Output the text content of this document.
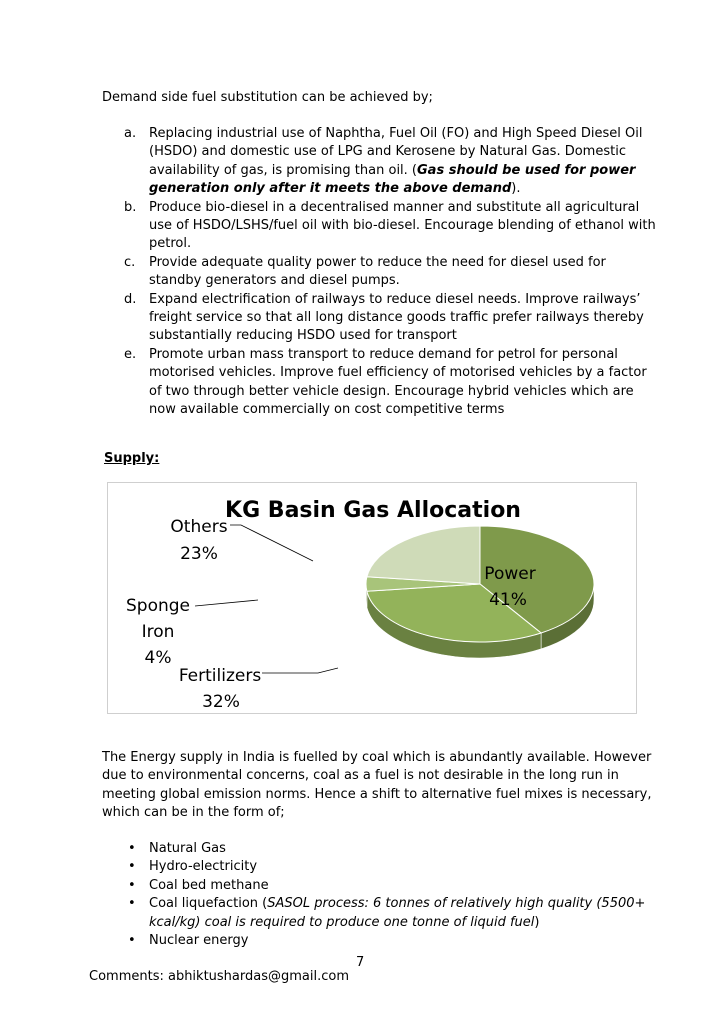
Demand side fuel substitution can be achieved by;
a. Replacing industrial use of Naphtha, Fuel Oil (FO) and High Speed Diesel Oil (HSDO) and domestic use of LPG and Kerosene by Natural Gas. Domestic availability of gas, is promising than oil. (Gas should be used for power generation only after it meets the above demand).
b. Produce bio-diesel in a decentralised manner and substitute all agricultural use of HSDO/LSHS/fuel oil with bio-diesel. Encourage blending of ethanol with petrol.
c. Provide adequate quality power to reduce the need for diesel used for standby generators and diesel pumps.
d. Expand electrification of railways to reduce diesel needs. Improve railways’ freight service so that all long distance goods traffic prefer railways thereby substantially reducing HSDO used for transport
e. Promote urban mass transport to reduce demand for petrol for personal motorised vehicles. Improve fuel efficiency of motorised vehicles by a factor of two through better vehicle design. Encourage hybrid vehicles which are now available commercially on cost competitive terms
Supply:
Power
41%
Fertilizers
32%
Sponge
Iron
4%
Others
23%
KG Basin Gas Allocation
The Energy supply in India is fuelled by coal which is abundantly available. However due to environmental concerns, coal as a fuel is not desirable in the long run in meeting global emission norms. Hence a shift to alternative fuel mixes is necessary, which can be in the form of;
• Natural Gas
• Hydro-electricity
• Coal bed methane
• Coal liquefaction (SASOL process: 6 tonnes of relatively high quality (5500+ kcal/kg) coal is required to produce one tonne of liquid fuel)
• Nuclear energy
7
Comments: abhiktushardas@gmail.com
